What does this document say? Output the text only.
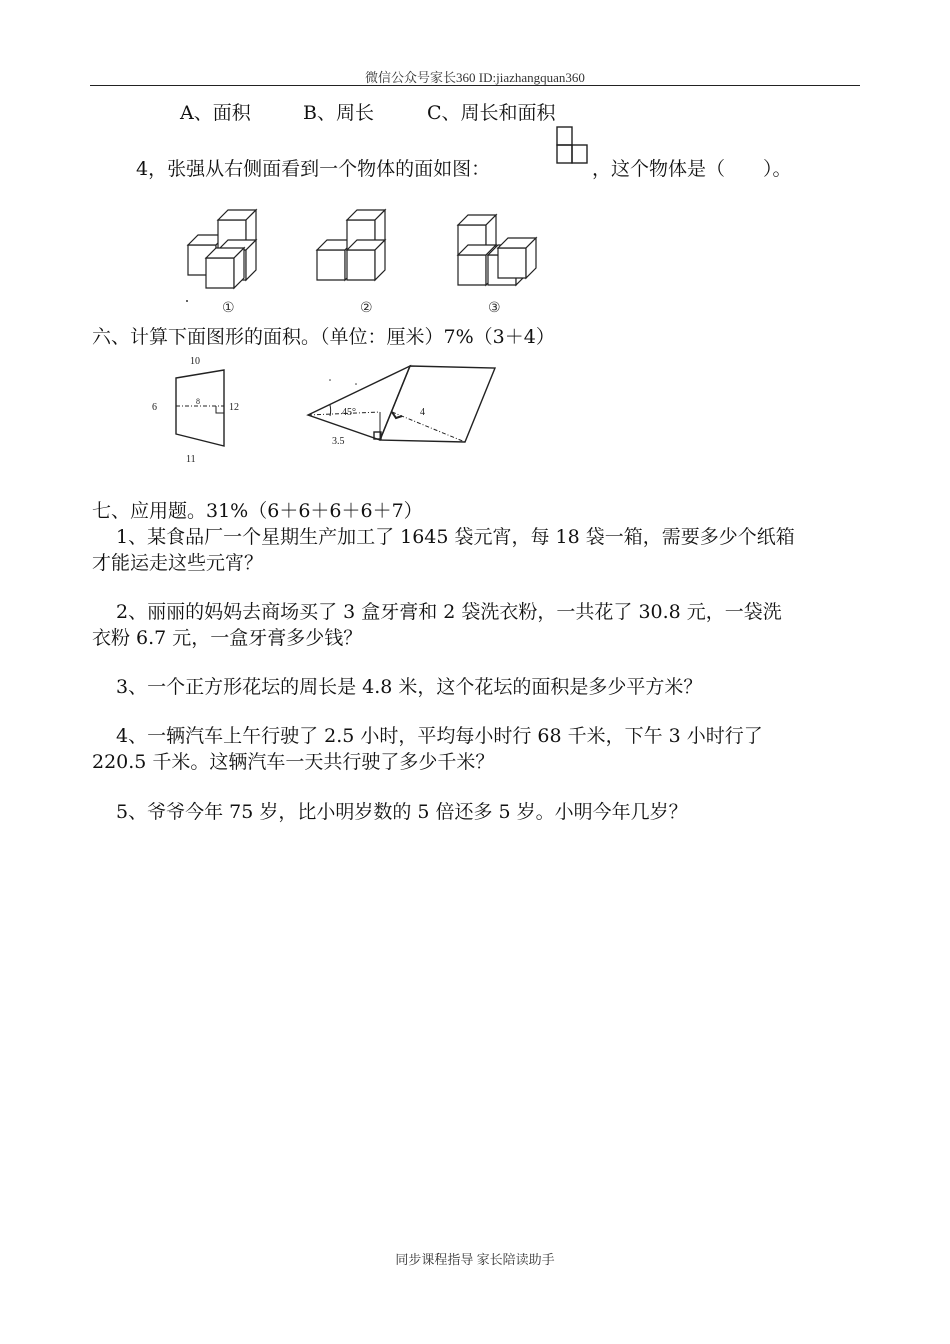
微信公众号家长360 ID:jiazhangquan360
A、面积	B、周长	C、周长和面积
4，张强从右侧面看到一个物体的面如图：	，这个物体是（　　）。
①	②	③
六、计算下面图形的面积。（单位：厘米）7%（3＋4）
10
6	12
11
8
45°	4
3.5
七、应用题。31%（6＋6＋6＋6＋7）
1、某食品厂一个星期生产加工了 1645 袋元宵，每 18 袋一箱，需要多少个纸箱
才能运走这些元宵？
2、丽丽的妈妈去商场买了 3 盒牙膏和 2 袋洗衣粉，一共花了 30.8 元，一袋洗
衣粉 6.7 元，一盒牙膏多少钱？
3、一个正方形花坛的周长是 4.8 米，这个花坛的面积是多少平方米？
4、一辆汽车上午行驶了 2.5 小时，平均每小时行 68 千米，下午 3 小时行了
220.5 千米。这辆汽车一天共行驶了多少千米？
5、爷爷今年 75 岁，比小明岁数的 5 倍还多 5 岁。小明今年几岁？
同步课程指导 家长陪读助手
